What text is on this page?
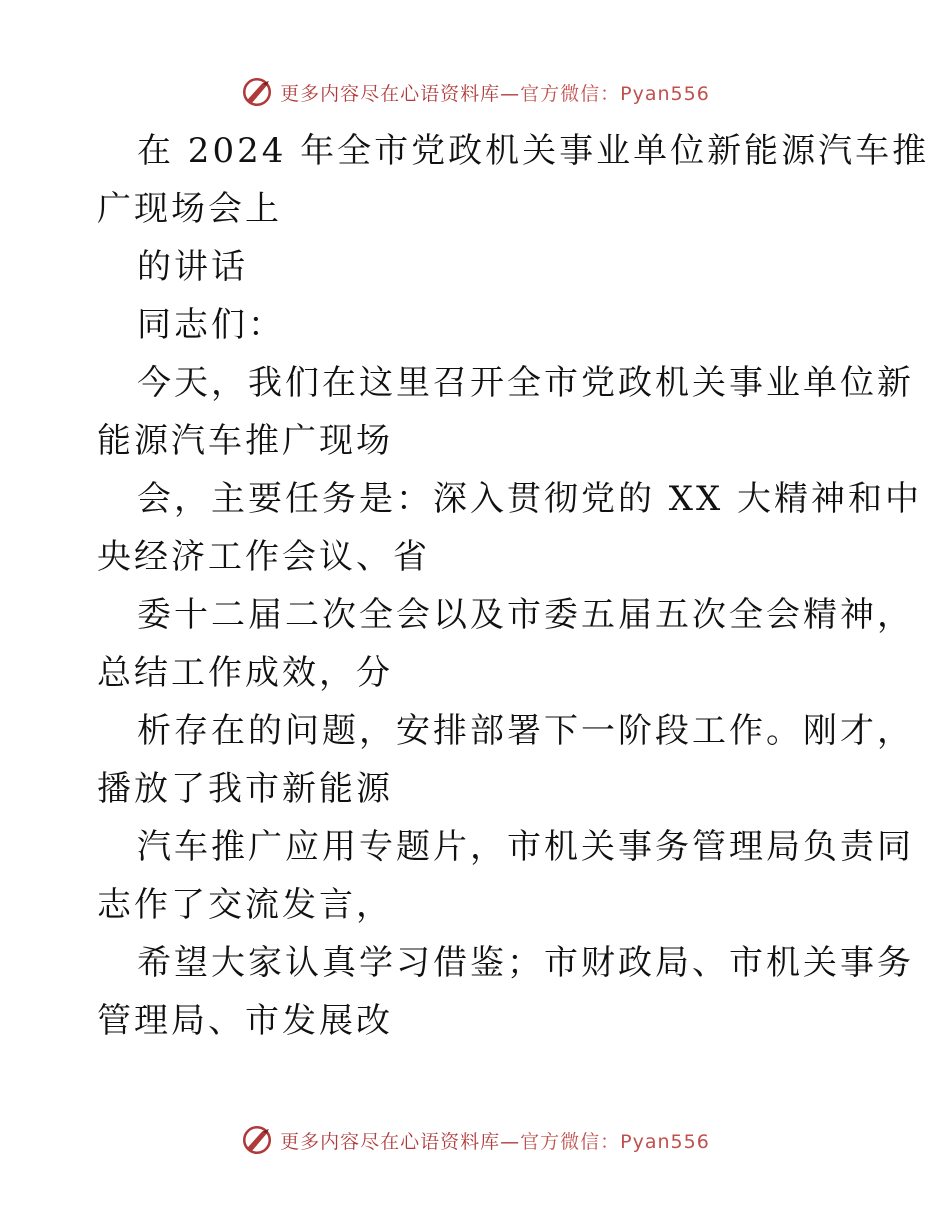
更多内容尽在心语资料库—官方微信：Pyan556
在 2024 年全市党政机关事业单位新能源汽车推
广现场会上
的讲话
同志们：
今天，我们在这里召开全市党政机关事业单位新
能源汽车推广现场
会，主要任务是：深入贯彻党的 XX 大精神和中
央经济工作会议、省
委十二届二次全会以及市委五届五次全会精神，
总结工作成效，分
析存在的问题，安排部署下一阶段工作。刚才，
播放了我市新能源
汽车推广应用专题片，市机关事务管理局负责同
志作了交流发言，
希望大家认真学习借鉴；市财政局、市机关事务
管理局、市发展改
更多内容尽在心语资料库—官方微信：Pyan556
